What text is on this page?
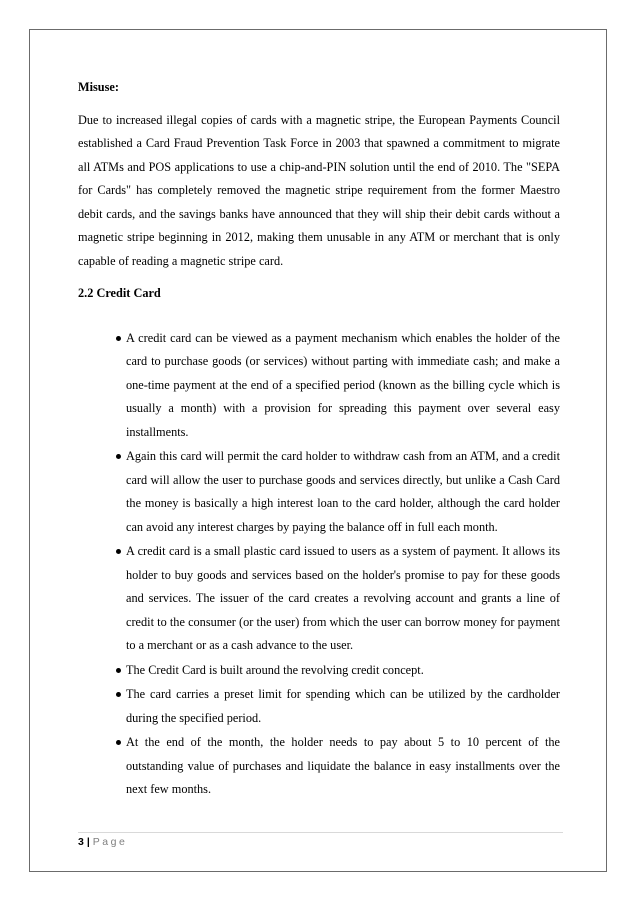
Misuse:

Due to increased illegal copies of cards with a magnetic stripe, the European Payments Council established a Card Fraud Prevention Task Force in 2003 that spawned a commitment to migrate all ATMs and POS applications to use a chip-and-PIN solution until the end of 2010. The "SEPA for Cards" has completely removed the magnetic stripe requirement from the former Maestro debit cards, and the savings banks have announced that they will ship their debit cards without a magnetic stripe beginning in 2012, making them unusable in any ATM or merchant that is only capable of reading a magnetic stripe card.

2.2 Credit Card

A credit card can be viewed as a payment mechanism which enables the holder of the card to purchase goods (or services) without parting with immediate cash; and make a one-time payment at the end of a specified period (known as the billing cycle which is usually a month) with a provision for spreading this payment over several easy installments.
Again this card will permit the card holder to withdraw cash from an ATM, and a credit card will allow the user to purchase goods and services directly, but unlike a Cash Card the money is basically a high interest loan to the card holder, although the card holder can avoid any interest charges by paying the balance off in full each month.
A credit card is a small plastic card issued to users as a system of payment. It allows its holder to buy goods and services based on the holder's promise to pay for these goods and services. The issuer of the card creates a revolving account and grants a line of credit to the consumer (or the user) from which the user can borrow money for payment to a merchant or as a cash advance to the user.
The Credit Card is built around the revolving credit concept.
The card carries a preset limit for spending which can be utilized by the cardholder during the specified period.
At the end of the month, the holder needs to pay about 5 to 10 percent of the outstanding value of purchases and liquidate the balance in easy installments over the next few months.
3 | Page
